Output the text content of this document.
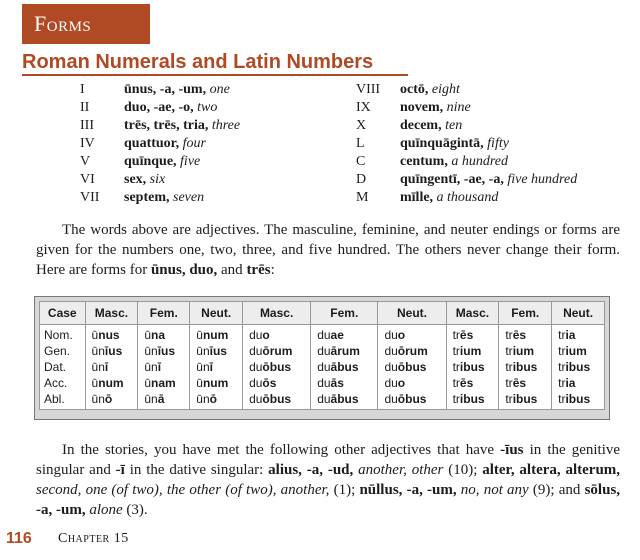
Forms
Roman Numerals and Latin Numbers
I	ūnus, -a, -um, one
II duo, -ae, -o, two
III trēs, trēs, tria, three
IV quattuor, four
V quīnque, five
VI sex, six
VII septem, seven
VIII octō, eight
IX novem, nine
X decem, ten
L	quīnquāgintā, fifty
C centum, a hundred
D quīngentī, -ae, -a, five hundred
M mīlle, a thousand

The words above are adjectives. The masculine, feminine, and neuter endings or forms are given for the numbers one, two, three, and five hundred. The others never change their form. Here are forms for ūnus, duo, and trēs:

Case	Masc.	Fem.	Neut.	Masc.	Fem.	Neut.	Masc.	Fem.	Neut.
Nom.	ūnus	ūna	ūnum	duo	duae	duo	trēs	trēs	tria
Gen.	ūnīus	ūnīus	ūnīus	duōrum	duārum	duōrum	trium	trium	trium
Dat.	ūnī	ūnī	ūnī	duōbus	duābus	duōbus	tribus	tribus	tribus
Acc.	ūnum	ūnam	ūnum	duōs	duās	duo	trēs	trēs	tria
Abl.	ūnō	ūnā	ūnō	duōbus	duābus	duōbus	tribus	tribus	tribus

In the stories, you have met the following other adjectives that have -īus in the genitive singular and -ī in the dative singular: alius, -a, -ud, another, other (10); alter, altera, alterum, second, one (of two), the other (of two), another, (1); nūllus, -a, -um, no, not any (9); and sōlus, -a, -um, alone (3).

116 Chapter 15
